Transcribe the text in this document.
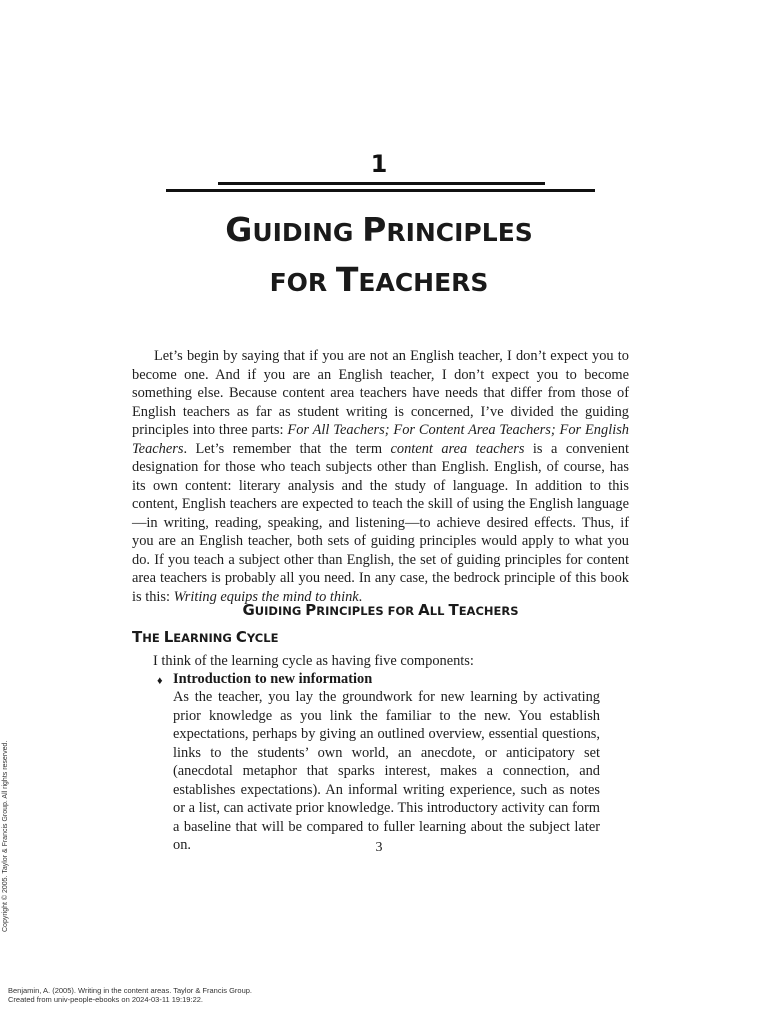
1
GUIDING PRINCIPLES
FOR TEACHERS

Let’s begin by saying that if you are not an English teacher, I don’t expect you to become one. And if you are an English teacher, I don’t expect you to become something else. Because content area teachers have needs that differ from those of English teachers as far as student writing is concerned, I’ve divided the guiding principles into three parts: For All Teachers; For Content Area Teachers; For English Teachers. Let’s remember that the term content area teachers is a convenient designation for those who teach subjects other than English. English, of course, has its own content: literary analysis and the study of language. In addition to this content, English teachers are expected to teach the skill of using the English language—in writing, reading, speaking, and listening—to achieve desired effects. Thus, if you are an English teacher, both sets of guiding principles would apply to what you do. If you teach a subject other than English, the set of guiding principles for content area teachers is probably all you need. In any case, the bedrock principle of this book is this: Writing equips the mind to think.

GUIDING PRINCIPLES FOR ALL TEACHERS
THE LEARNING CYCLE

I think of the learning cycle as having five components:

♦ Introduction to new information

As the teacher, you lay the groundwork for new learning by activating prior knowledge as you link the familiar to the new. You establish expectations, perhaps by giving an outlined overview, essential questions, links to the students’ own world, an anecdote, or anticipatory set (anecdotal metaphor that sparks interest, makes a connection, and establishes expectations). An informal writing experience, such as notes or a list, can activate prior knowledge. This introductory activity can form a baseline that will be compared to fuller learning about the subject later on.	3
Copyright © 2005. Taylor & Francis Group. All rights reserved.
Benjamin, A. (2005). Writing in the content areas. Taylor & Francis Group.
Created from univ-people-ebooks on 2024-03-11 19:19:22.
